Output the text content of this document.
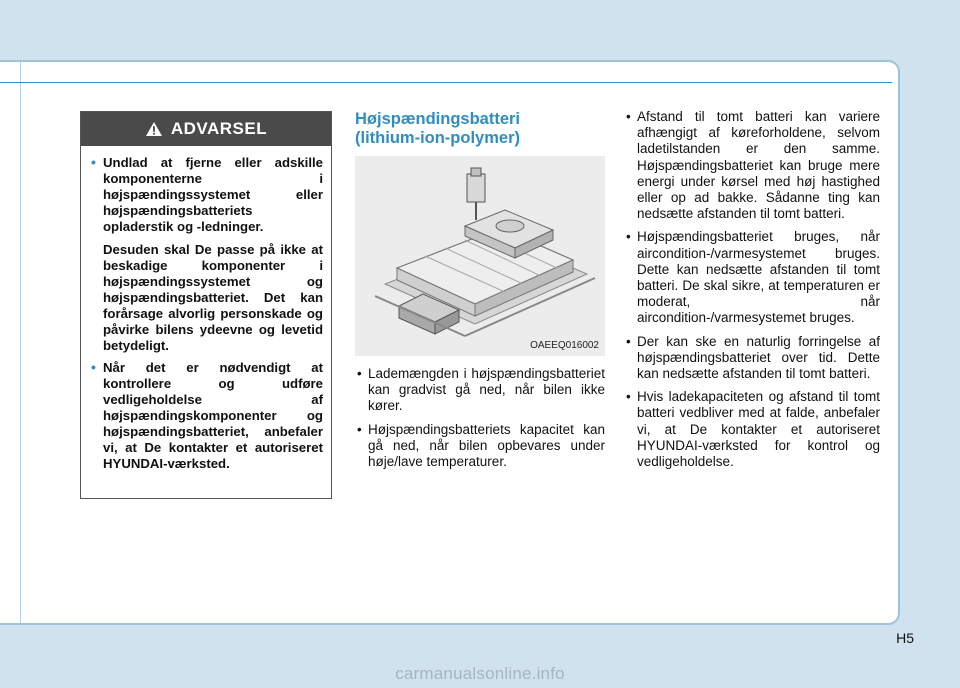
ADVARSEL
• Undlad at fjerne eller adskille komponenterne i højspændingssystemet eller højspændingsbatteriets opladerstik og -ledninger.
Desuden skal De passe på ikke at beskadige komponenter i højspændingssystemet og højspændingsbatteriet. Det kan forårsage alvorlig personskade og påvirke bilens ydeevne og levetid betydeligt.
• Når det er nødvendigt at kontrollere og udføre vedligeholdelse af højspændingskomponenter og højspændingsbatteriet, anbefaler vi, at De kontakter et autoriseret HYUNDAI-værksted.
Højspændingsbatteri
(lithium-ion-polymer)
OAEEQ016002
• Lademængden i højspændingsbatteriet kan gradvist gå ned, når bilen ikke kører.
• Højspændingsbatteriets kapacitet kan gå ned, når bilen opbevares under høje/lave temperaturer.
• Afstand til tomt batteri kan variere afhængigt af køreforholdene, selvom ladetilstanden er den samme. Højspændingsbatteriet kan bruge mere energi under kørsel med høj hastighed eller op ad bakke. Sådanne ting kan nedsætte afstanden til tomt batteri.
• Højspændingsbatteriet bruges, når aircondition-/varmesystemet bruges. Dette kan nedsætte afstanden til tomt batteri. De skal sikre, at temperaturen er moderat, når aircondition-/varmesystemet bruges.
• Der kan ske en naturlig forringelse af højspændingsbatteriet over tid. Dette kan nedsætte afstanden til tomt batteri.
• Hvis ladekapaciteten og afstand til tomt batteri vedbliver med at falde, anbefaler vi, at De kontakter et autoriseret HYUNDAI-værksted for kontrol og vedligeholdelse.
H5
carmanualsonline.info
